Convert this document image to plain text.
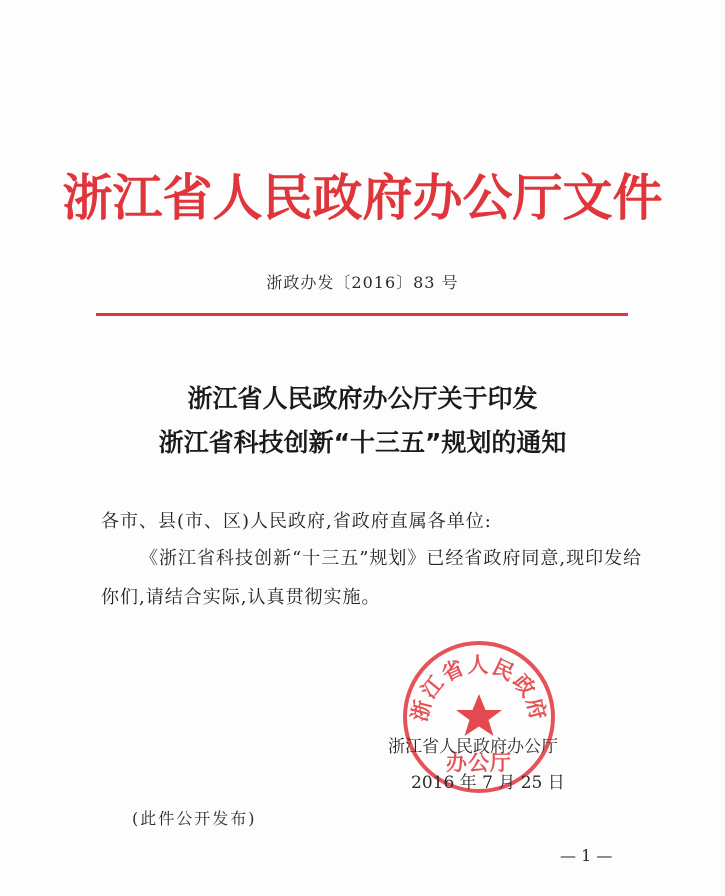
浙江省人民政府办公厅文件
浙政办发〔2016〕83 号
浙江省人民政府办公厅关于印发
浙江省科技创新“十三五”规划的通知
各市、县(市、区)人民政府,省政府直属各单位:
《浙江省科技创新“十三五”规划》已经省政府同意,现印发给
你们,请结合实际,认真贯彻实施。
浙江省人民政府
办公厅
浙江省人民政府办公厅
2016 年 7 月 25 日
(此件公开发布)
— 1 —
